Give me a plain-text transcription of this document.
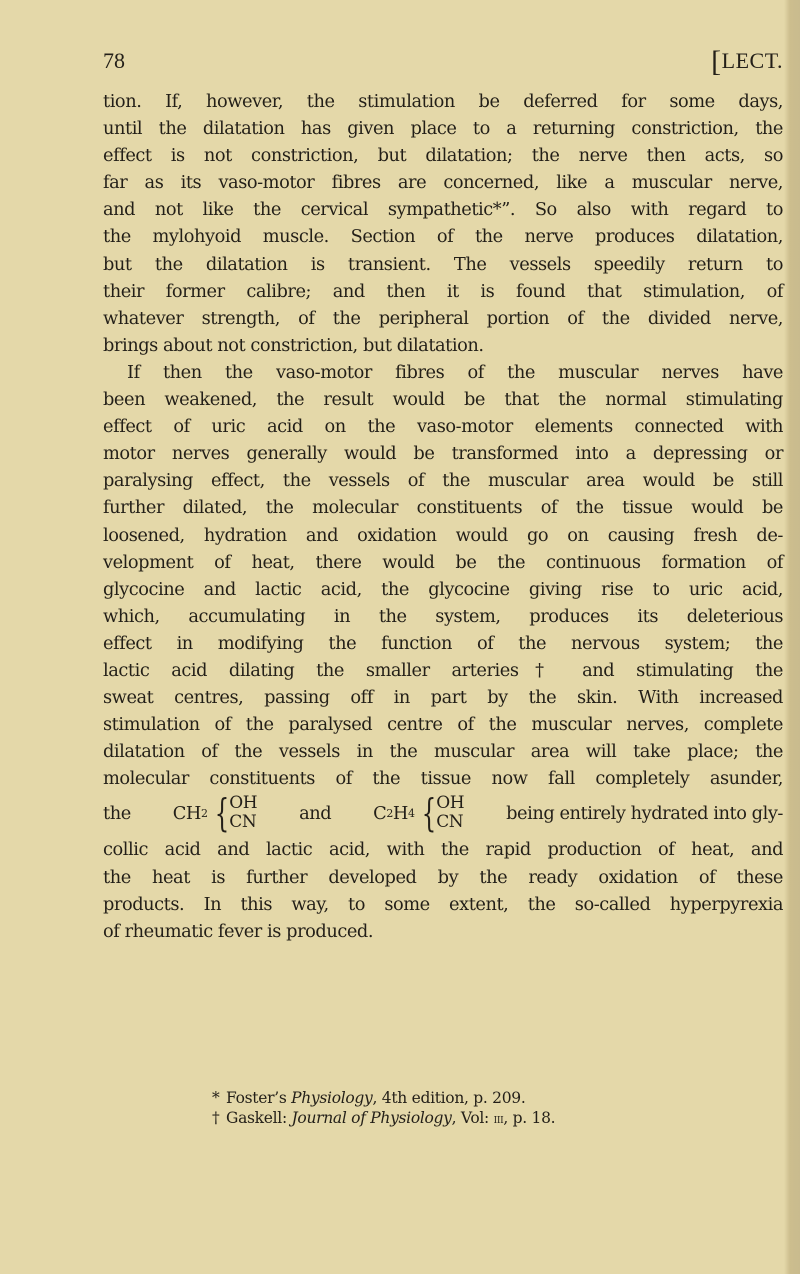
78	[LECT.
tion. If, however, the stimulation be deferred for some days,
until the dilatation has given place to a returning constriction, the
effect is not constriction, but dilatation; the nerve then acts, so
far as its vaso-motor fibres are concerned, like a muscular nerve,
and not like the cervical sympathetic*”. So also with regard to
the mylohyoid muscle. Section of the nerve produces dilatation,
but the dilatation is transient. The vessels speedily return to
their former calibre; and then it is found that stimulation, of
whatever strength, of the peripheral portion of the divided nerve,
brings about not constriction, but dilatation.
If then the vaso-motor fibres of the muscular nerves have
been weakened, the result would be that the normal stimulating
effect of uric acid on the vaso-motor elements connected with
motor nerves generally would be transformed into a depressing or
paralysing effect, the vessels of the muscular area would be still
further dilated, the molecular constituents of the tissue would be
loosened, hydration and oxidation would go on causing fresh de-
velopment of heat, there would be the continuous formation of
glycocine and lactic acid, the glycocine giving rise to uric acid,
which, accumulating in the system, produces its deleterious
effect in modifying the function of the nervous system; the
lactic acid dilating the smaller arteries† and stimulating the
sweat centres, passing off in part by the skin. With increased
stimulation of the paralysed centre of the muscular nerves, complete
dilatation of the vessels in the muscular area will take place; the
molecular constituents of the tissue now fall completely asunder,
the CH 2 { OH
CN and C 2 H 4 { OH
CN being entirely hydrated into gly-
collic acid and lactic acid, with the rapid production of heat, and
the heat is further developed by the ready oxidation of these
products. In this way, to some extent, the so-called hyperpyrexia
of rheumatic fever is produced.
* Foster’s Physiology, 4th edition, p. 209.
† Gaskell: Journal of Physiology, Vol: iii, p. 18.
